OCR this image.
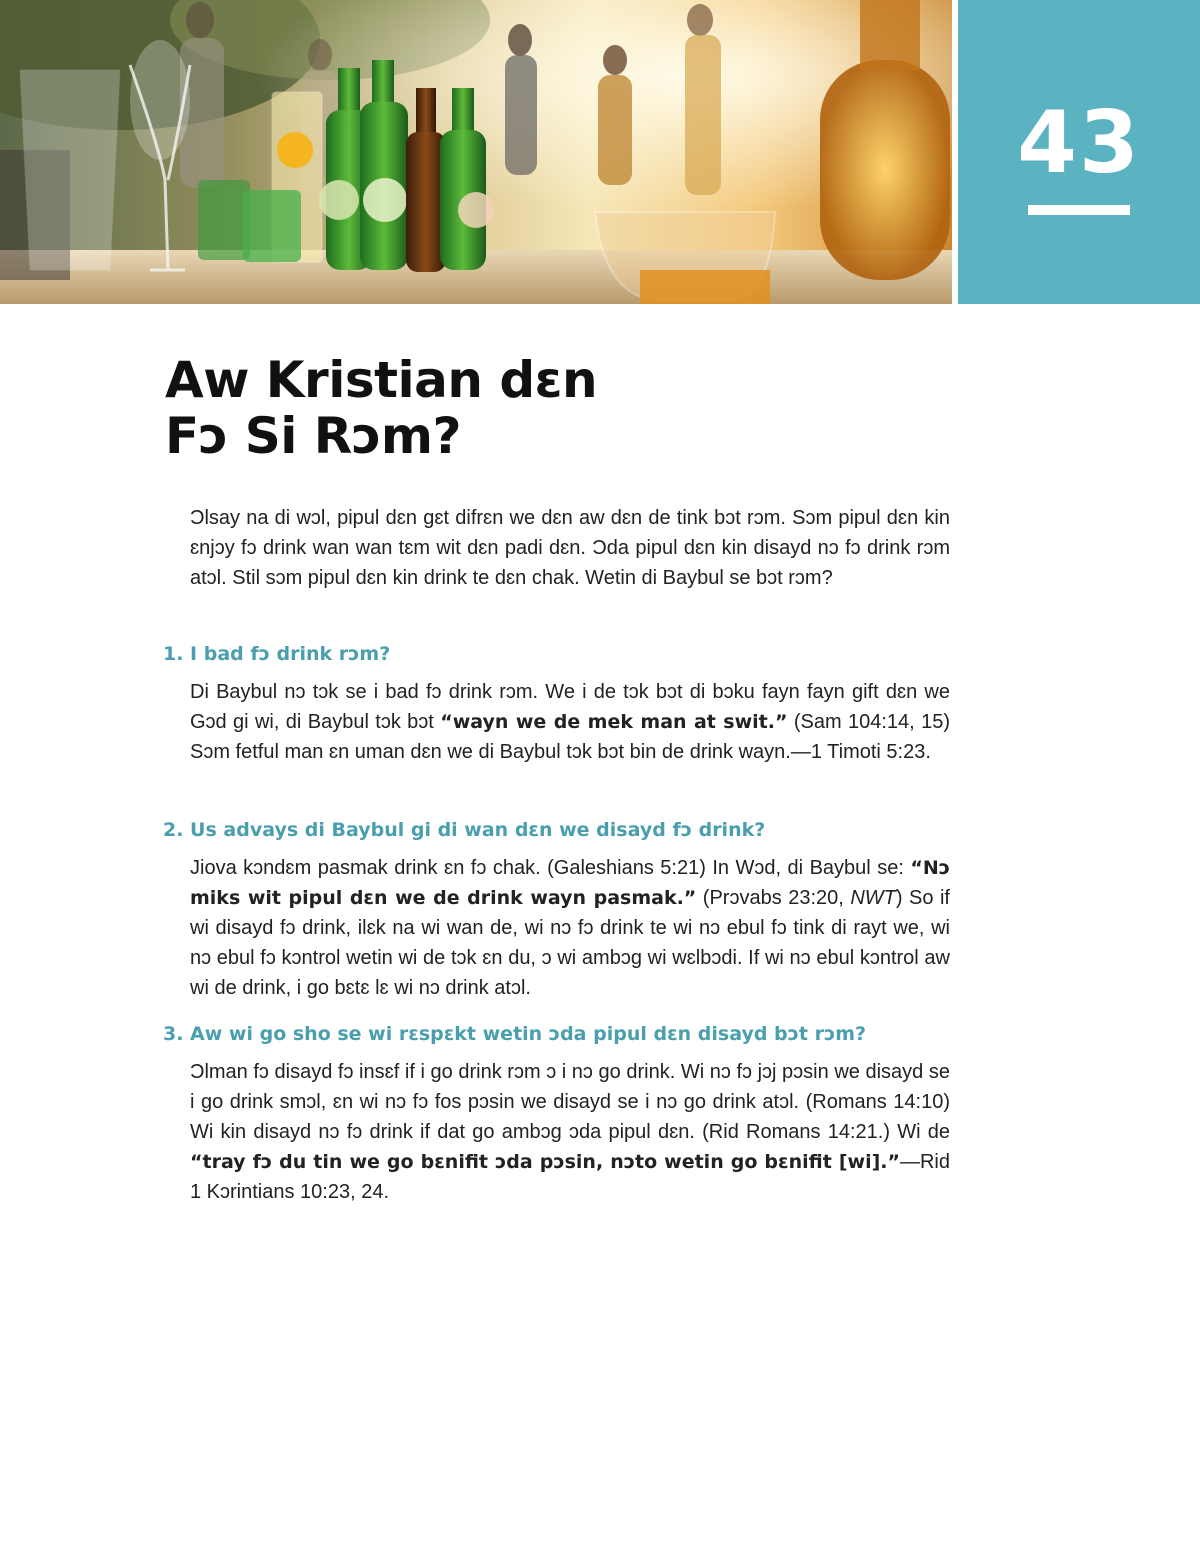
43
Aw Kristian dɛn
Fɔ Si Rɔm?
Ɔlsay na di wɔl, pipul dɛn gɛt difrɛn we dɛn aw dɛn de tink bɔt rɔm. Sɔm pipul dɛn kin ɛnjɔy fɔ drink wan wan tɛm wit dɛn padi dɛn. Ɔda pipul dɛn kin disayd nɔ fɔ drink rɔm atɔl. Stil sɔm pipul dɛn kin drink te dɛn chak. Wetin di Baybul se bɔt rɔm?
1. I bad fɔ drink rɔm?
Di Baybul nɔ tɔk se i bad fɔ drink rɔm. We i de tɔk bɔt di bɔku fayn fayn gift dɛn we Gɔd gi wi, di Baybul tɔk bɔt “wayn we de mek man at swit.” (Sam 104:14, 15) Sɔm fetful man ɛn uman dɛn we di Baybul tɔk bɔt bin de drink wayn.—1 Timoti 5:23.
2. Us advays di Baybul gi di wan dɛn we disayd fɔ drink?
Jiova kɔndɛm pasmak drink ɛn fɔ chak. (Galeshians 5:21) In Wɔd, di Baybul se: “Nɔ miks wit pipul dɛn we de drink wayn pasmak.” (Prɔvabs 23:20, NWT) So if wi disayd fɔ drink, ilɛk na wi wan de, wi nɔ fɔ drink te wi nɔ ebul fɔ tink di rayt we, wi nɔ ebul fɔ kɔntrol wetin wi de tɔk ɛn du, ɔ wi ambɔg wi wɛlbɔdi. If wi nɔ ebul kɔntrol aw wi de drink, i go bɛtɛ lɛ wi nɔ drink atɔl.
3. Aw wi go sho se wi rɛspɛkt wetin ɔda pipul dɛn disayd bɔt rɔm?
Ɔlman fɔ disayd fɔ insɛf if i go drink rɔm ɔ i nɔ go drink. Wi nɔ fɔ jɔj pɔsin we disayd se i go drink smɔl, ɛn wi nɔ fɔ fos pɔsin we disayd se i nɔ go drink atɔl. (Romans 14:10) Wi kin disayd nɔ fɔ drink if dat go ambɔg ɔda pipul dɛn. (Rid Romans 14:21.) Wi de “tray fɔ du tin we go bɛnifit ɔda pɔsin, nɔto wetin go bɛnifit [wi].”—Rid 1 Kɔrintians 10:23, 24.
